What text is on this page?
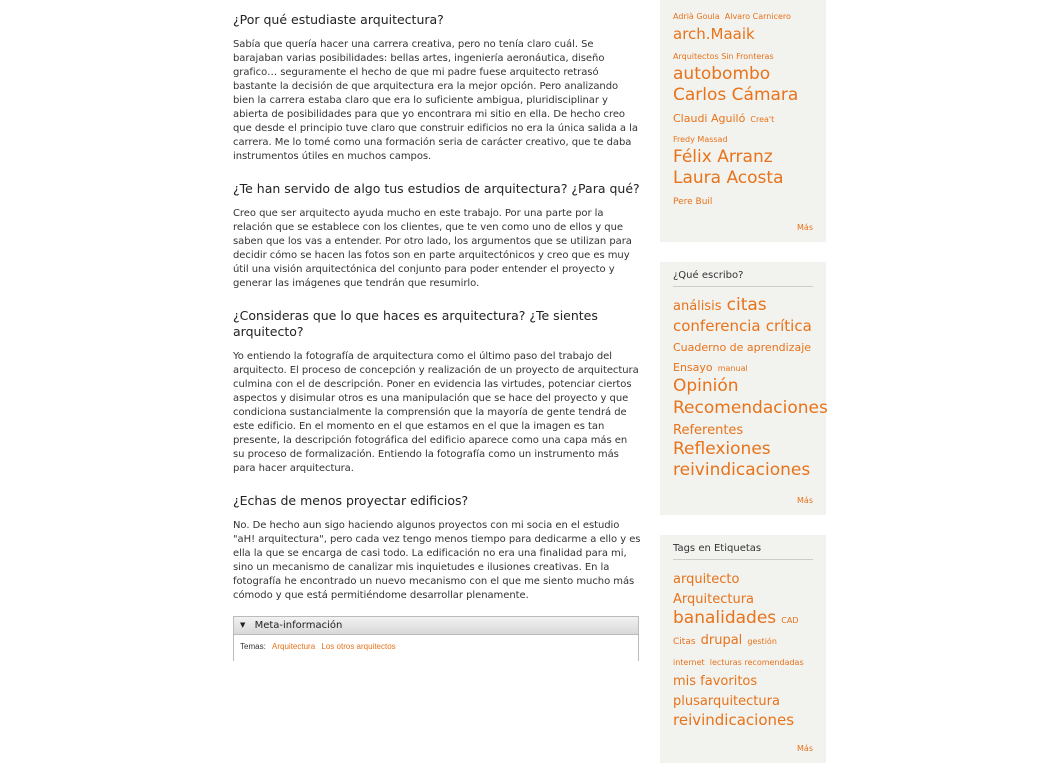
¿Por qué estudiaste arquitectura?

Sabía que quería hacer una carrera creativa, pero no tenía claro cuál. Se barajaban varias posibilidades: bellas artes, ingeniería aeronáutica, diseño grafico… seguramente el hecho de que mi padre fuese arquitecto retrasó bastante la decisión de que arquitectura era la mejor opción. Pero analizando bien la carrera estaba claro que era lo suficiente ambigua, pluridisciplinar y abierta de posibilidades para que yo encontrara mi sitio en ella. De hecho creo que desde el principio tuve claro que construir edificios no era la única salida a la carrera. Me lo tomé como una formación seria de carácter creativo, que te daba instrumentos útiles en muchos campos.

¿Te han servido de algo tus estudios de arquitectura? ¿Para qué?

Creo que ser arquitecto ayuda mucho en este trabajo. Por una parte por la relación que se establece con los clientes, que te ven como uno de ellos y que saben que los vas a entender. Por otro lado, los argumentos que se utilizan para decidir cómo se hacen las fotos son en parte arquitectónicos y creo que es muy útil una visión arquitectónica del conjunto para poder entender el proyecto y generar las imágenes que tendrán que resumirlo.

¿Consideras que lo que haces es arquitectura? ¿Te sientes arquitecto?

Yo entiendo la fotografía de arquitectura como el último paso del trabajo del arquitecto. El proceso de concepción y realización de un proyecto de arquitectura culmina con el de descripción. Poner en evidencia las virtudes, potenciar ciertos aspectos y disimular otros es una manipulación que se hace del proyecto y que condiciona sustancialmente la comprensión que la mayoría de gente tendrá de este edificio. En el momento en el que estamos en el que la imagen es tan presente, la descripción fotográfica del edificio aparece como una capa más en su proceso de formalización. Entiendo la fotografía como un instrumento más para hacer arquitectura.

¿Echas de menos proyectar edificios?

No. De hecho aun sigo haciendo algunos proyectos con mi socia en el estudio "aH! arquitectura", pero cada vez tengo menos tiempo para dedicarme a ello y es ella la que se encarga de casi todo. La edificación no era una finalidad para mi, sino un mecanismo de canalizar mis inquietudes e ilusiones creativas. En la fotografía he encontrado un nuevo mecanismo con el que me siento mucho más cómodo y que está permitiéndome desarrollar plenamente.

▼ Meta-información
Temas: Arquitectura Los otros arquitectos
Adrià Goula Alvaro Carnicero arch.Maaik Arquitectos Sin Fronteras autobombo Carlos Cámara Claudi Aguiló Crea't Fredy Massad Félix Arranz Laura Acosta Pere Buil
Más
¿Qué escribo?
análisis citas conferencia crítica Cuaderno de aprendizaje Ensayo manual Opinión Recomendaciones Referentes Reflexiones reivindicaciones
Más
Tags en Etiquetas
arquitecto Arquitectura banalidades CAD Citas drupal gestión internet lecturas recomendadas mis favoritos plusarquitectura reivindicaciones
Más
